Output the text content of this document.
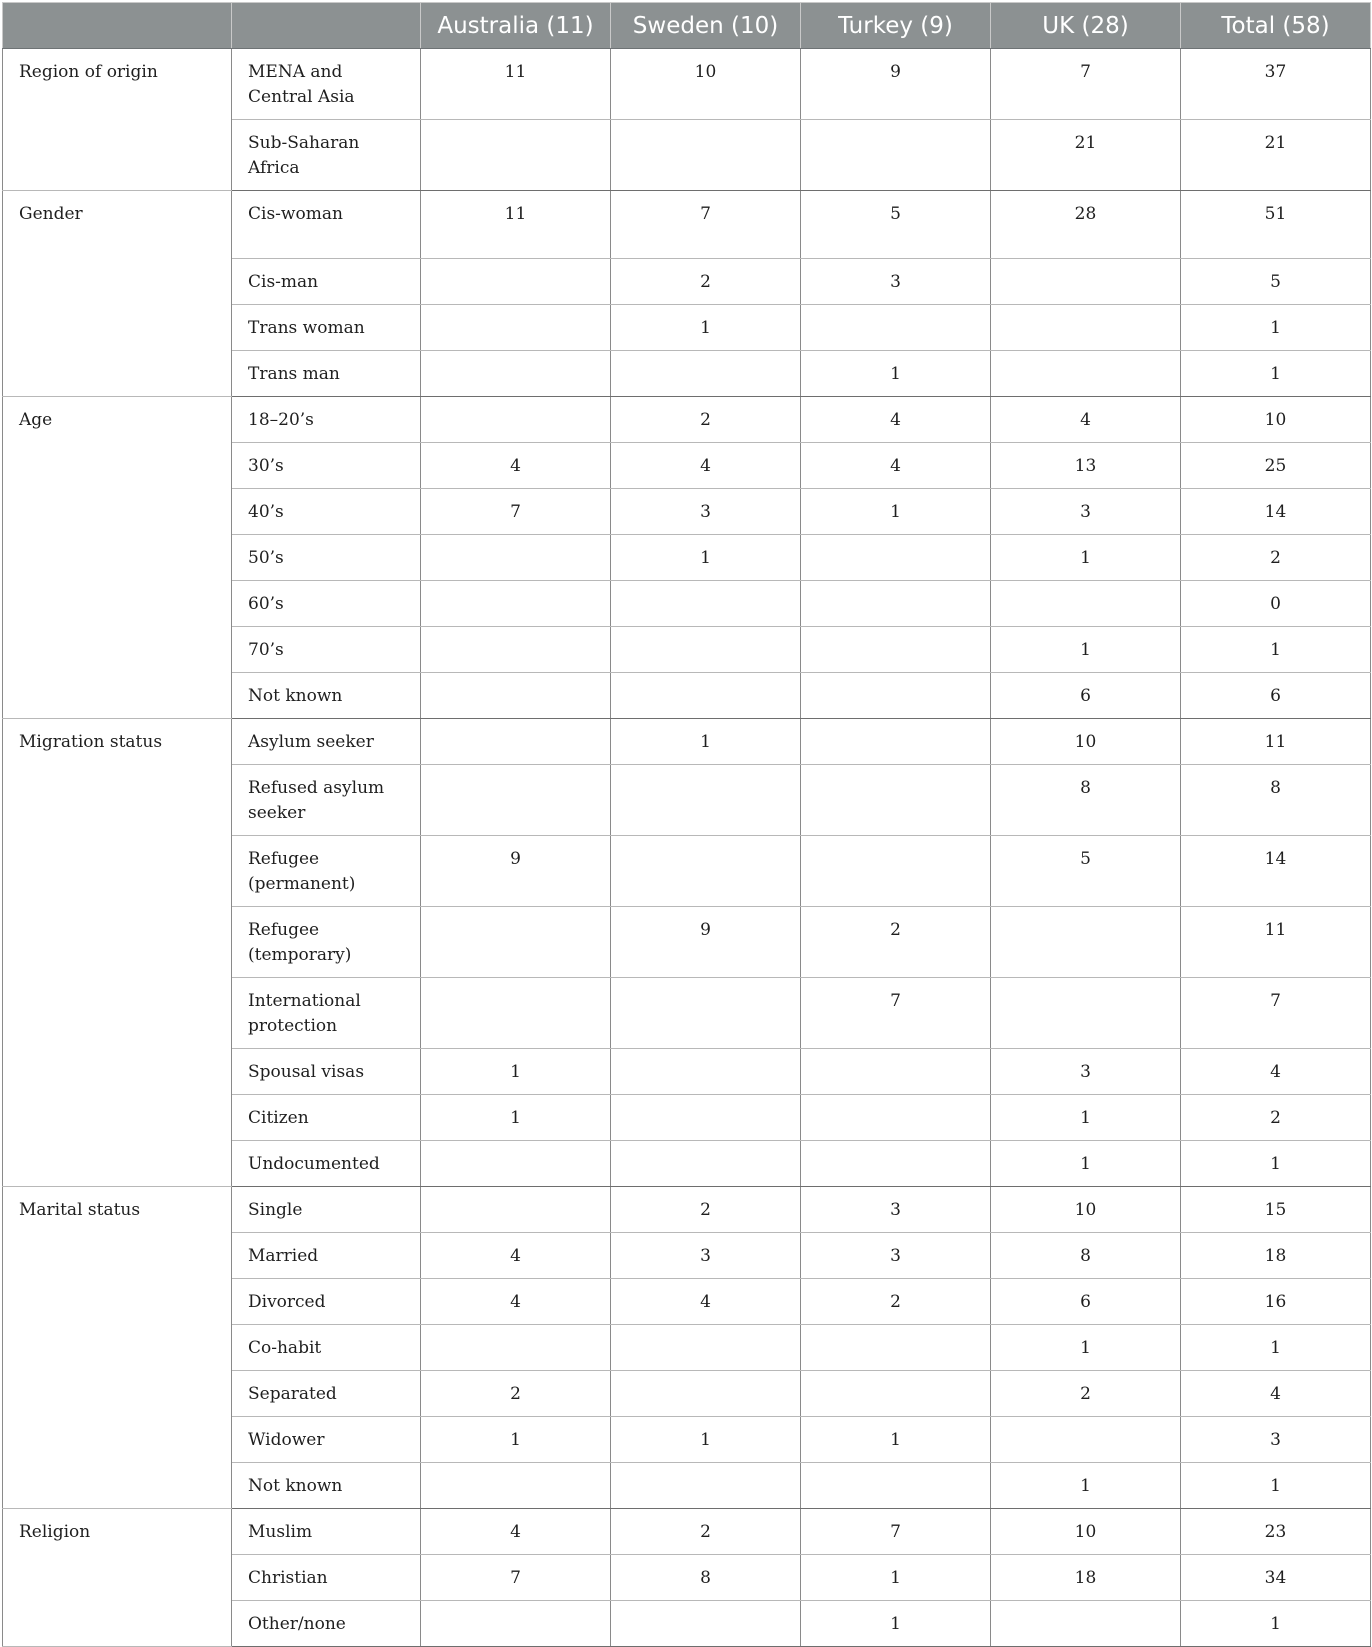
		Australia (11)	Sweden (10)	Turkey (9)	UK (28)	Total (58)
Region of origin	MENA and Central Asia	11	10	9	7	37
	Sub-Saharan Africa				21	21
Gender	Cis-woman	11	7	5	28	51
	Cis-man		2	3		5
	Trans woman		1			1
	Trans man			1		1
Age	18–20’s		2	4	4	10
	30’s	4	4	4	13	25
	40’s	7	3	1	3	14
	50’s		1		1	2
	60’s					0
	70’s				1	1
	Not known				6	6
Migration status	Asylum seeker		1		10	11
	Refused asylum seeker				8	8
	Refugee (permanent)	9			5	14
	Refugee (temporary)		9	2		11
	International protection			7		7
	Spousal visas	1			3	4
	Citizen	1			1	2
	Undocumented				1	1
Marital status	Single		2	3	10	15
	Married	4	3	3	8	18
	Divorced	4	4	2	6	16
	Co-habit				1	1
	Separated	2			2	4
	Widower	1	1	1		3
	Not known				1	1
Religion	Muslim	4	2	7	10	23
	Christian	7	8	1	18	34
	Other/none			1		1
